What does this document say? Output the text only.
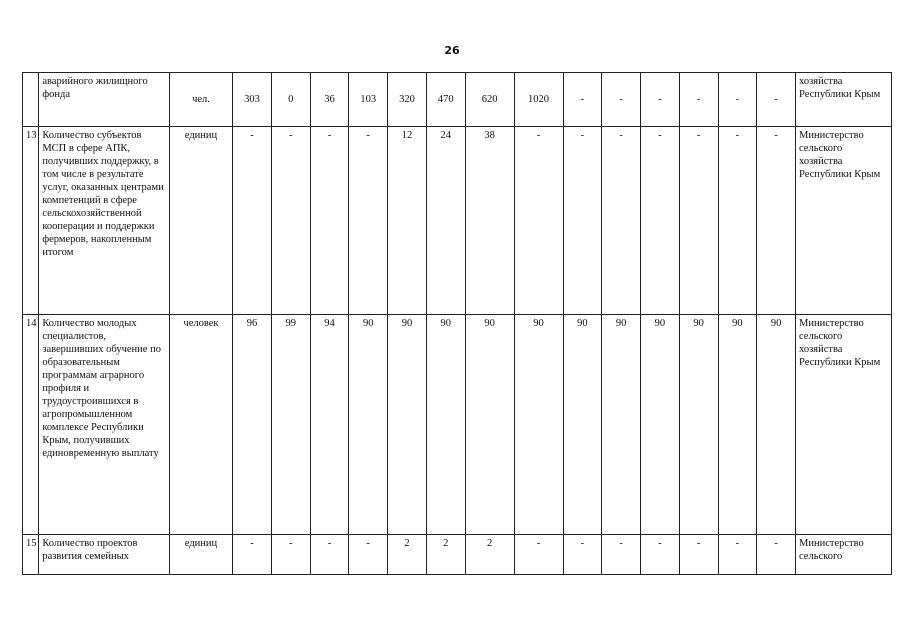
26
	аварийного жилищного фонда	чел.	303	0	36	103	320	470	620	1020	-	-	-	-	-	-	хозяйства Республики Крым
13	Количество субъектов МСП в сфере АПК, получивших поддержку, в том числе в результате услуг, оказанных центрами компетенций в сфере сельскохозяйственной кооперации и поддержки фермеров, накопленным итогом	единиц	-	-	-	-	12	24	38	-	-	-	-	-	-	-	Министерство сельского хозяйства Республики Крым
14	Количество молодых специалистов, завершивших обучение по образовательным программам аграрного профиля и трудоустроившихся в агропромышленном комплексе Республики Крым, получивших единовременную выплату	человек	96	99	94	90	90	90	90	90	90	90	90	90	90	90	Министерство сельского хозяйства Республики Крым
15	Количество проектов развития семейных	единиц	-	-	-	-	2	2	2	-	-	-	-	-	-	-	Министерство сельского
